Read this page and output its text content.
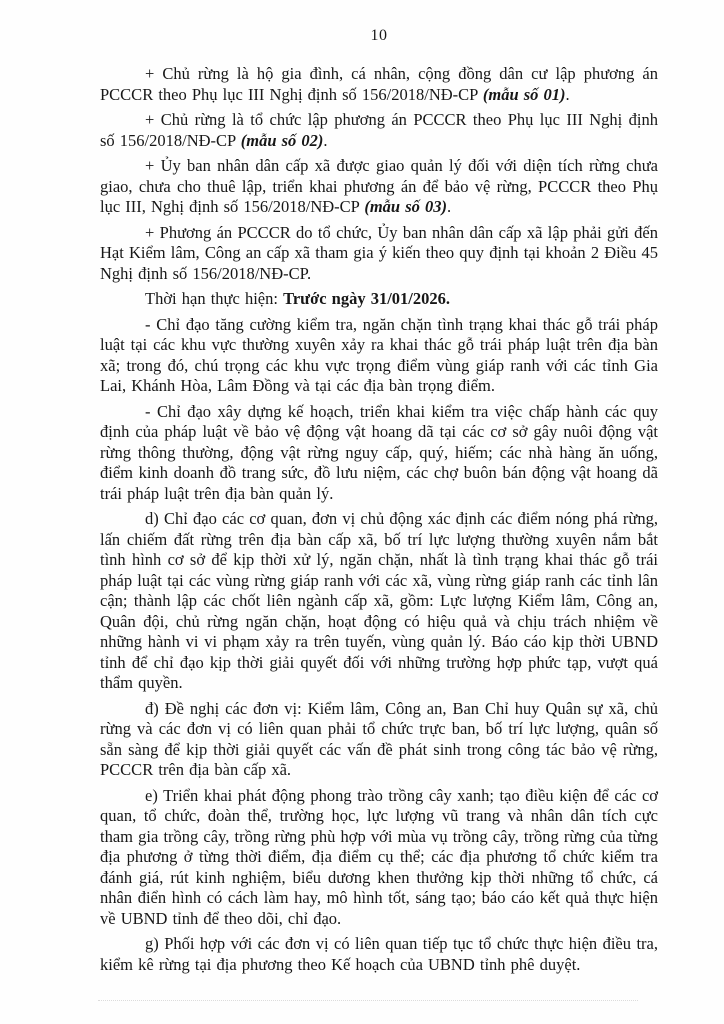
10

+ Chủ rừng là hộ gia đình, cá nhân, cộng đồng dân cư lập phương án PCCCR theo Phụ lục III Nghị định số 156/2018/NĐ-CP (mẫu số 01).

+ Chủ rừng là tổ chức lập phương án PCCCR theo Phụ lục III Nghị định số 156/2018/NĐ-CP (mẫu số 02).

+ Ủy ban nhân dân cấp xã được giao quản lý đối với diện tích rừng chưa giao, chưa cho thuê lập, triển khai phương án để bảo vệ rừng, PCCCR theo Phụ lục III, Nghị định số 156/2018/NĐ-CP (mẫu số 03).

+ Phương án PCCCR do tổ chức, Ủy ban nhân dân cấp xã lập phải gửi đến Hạt Kiểm lâm, Công an cấp xã tham gia ý kiến theo quy định tại khoản 2 Điều 45 Nghị định số 156/2018/NĐ-CP.

Thời hạn thực hiện: Trước ngày 31/01/2026.

- Chỉ đạo tăng cường kiểm tra, ngăn chặn tình trạng khai thác gỗ trái pháp luật tại các khu vực thường xuyên xảy ra khai thác gỗ trái pháp luật trên địa bàn xã; trong đó, chú trọng các khu vực trọng điểm vùng giáp ranh với các tỉnh Gia Lai, Khánh Hòa, Lâm Đồng và tại các địa bàn trọng điểm.

- Chỉ đạo xây dựng kế hoạch, triển khai kiểm tra việc chấp hành các quy định của pháp luật về bảo vệ động vật hoang dã tại các cơ sở gây nuôi động vật rừng thông thường, động vật rừng nguy cấp, quý, hiếm; các nhà hàng ăn uống, điểm kinh doanh đồ trang sức, đồ lưu niệm, các chợ buôn bán động vật hoang dã trái pháp luật trên địa bàn quản lý.

d) Chỉ đạo các cơ quan, đơn vị chủ động xác định các điểm nóng phá rừng, lấn chiếm đất rừng trên địa bàn cấp xã, bố trí lực lượng thường xuyên nắm bắt tình hình cơ sở để kịp thời xử lý, ngăn chặn, nhất là tình trạng khai thác gỗ trái pháp luật tại các vùng rừng giáp ranh với các xã, vùng rừng giáp ranh các tỉnh lân cận; thành lập các chốt liên ngành cấp xã, gồm: Lực lượng Kiểm lâm, Công an, Quân đội, chủ rừng ngăn chặn, hoạt động có hiệu quả và chịu trách nhiệm về những hành vi vi phạm xảy ra trên tuyến, vùng quản lý. Báo cáo kịp thời UBND tỉnh để chỉ đạo kịp thời giải quyết đối với những trường hợp phức tạp, vượt quá thẩm quyền.

đ) Đề nghị các đơn vị: Kiểm lâm, Công an, Ban Chỉ huy Quân sự xã, chủ rừng và các đơn vị có liên quan phải tổ chức trực ban, bố trí lực lượng, quân số sẵn sàng để kịp thời giải quyết các vấn đề phát sinh trong công tác bảo vệ rừng, PCCCR trên địa bàn cấp xã.

e) Triển khai phát động phong trào trồng cây xanh; tạo điều kiện để các cơ quan, tổ chức, đoàn thể, trường học, lực lượng vũ trang và nhân dân tích cực tham gia trồng cây, trồng rừng phù hợp với mùa vụ trồng cây, trồng rừng của từng địa phương ở từng thời điểm, địa điểm cụ thể; các địa phương tổ chức kiểm tra đánh giá, rút kinh nghiệm, biểu dương khen thưởng kịp thời những tổ chức, cá nhân điển hình có cách làm hay, mô hình tốt, sáng tạo; báo cáo kết quả thực hiện về UBND tỉnh để theo dõi, chỉ đạo.

g) Phối hợp với các đơn vị có liên quan tiếp tục tổ chức thực hiện điều tra, kiểm kê rừng tại địa phương theo Kế hoạch của UBND tỉnh phê duyệt.
